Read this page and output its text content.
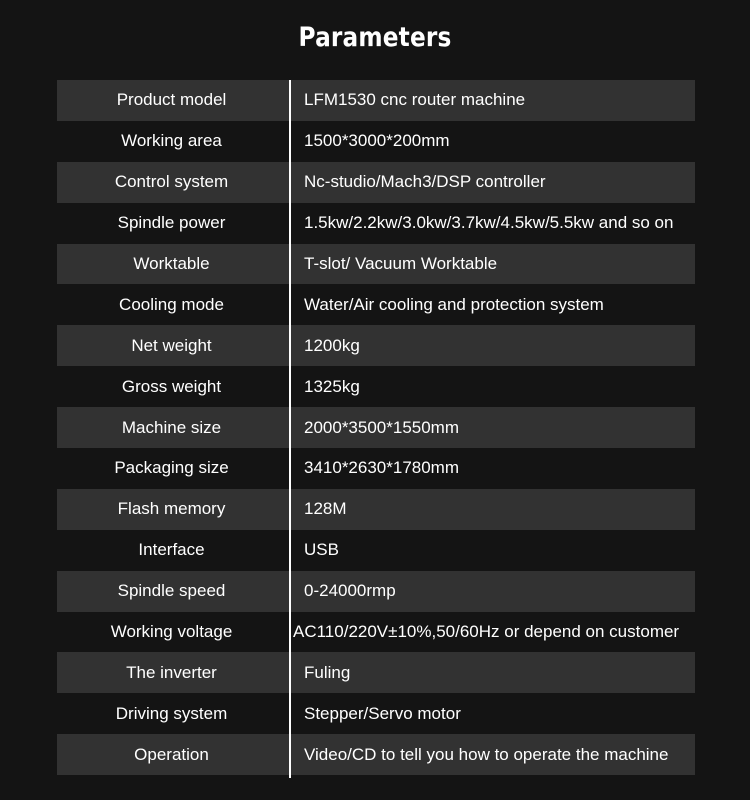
Parameters
Product model	LFM1530 cnc router machine
Working area	1500*3000*200mm
Control system	Nc-studio/Mach3/DSP controller
Spindle power	1.5kw/2.2kw/3.0kw/3.7kw/4.5kw/5.5kw and so on
Worktable	T-slot/ Vacuum Worktable
Cooling mode	Water/Air cooling and protection system
Net weight	1200kg
Gross weight	1325kg
Machine size	2000*3500*1550mm
Packaging size	3410*2630*1780mm
Flash memory	128M
Interface	USB
Spindle speed	0-24000rmp
Working voltage	AC110/220V±10%,50/60Hz or depend on customer
The inverter	Fuling
Driving system	Stepper/Servo motor
Operation	Video/CD to tell you how to operate the machine
